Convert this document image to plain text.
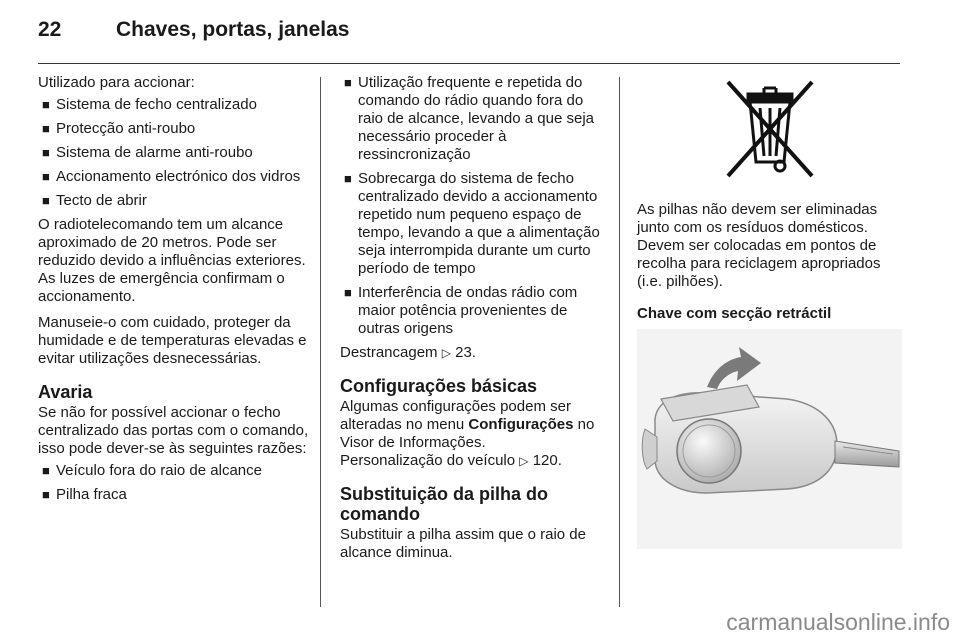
22	Chaves, portas, janelas

Utilizado para accionar:

■ Sistema de fecho centralizado
■ Protecção anti-roubo
■ Sistema de alarme anti-roubo
■ Accionamento electrónico dos vidros
■ Tecto de abrir

O radiotelecomando tem um alcance aproximado de 20 metros. Pode ser reduzido devido a influências exteriores. As luzes de emergência confirmam o accionamento.

Manuseie-o com cuidado, proteger da humidade e de temperaturas elevadas e evitar utilizações desnecessárias.

Avaria

Se não for possível accionar o fecho centralizado das portas com o comando, isso pode dever-se às seguintes razões:

■ Veículo fora do raio de alcance
■ Pilha fraca
■ Utilização frequente e repetida do comando do rádio quando fora do raio de alcance, levando a que seja necessário proceder à ressincronização
■ Sobrecarga do sistema de fecho centralizado devido a accionamento repetido num pequeno espaço de tempo, levando a que a alimentação seja interrompida durante um curto período de tempo
■ Interferência de ondas rádio com maior potência provenientes de outras origens

Destrancagem ▷ 23.

Configurações básicas

Algumas configurações podem ser alteradas no menu Configurações no Visor de Informações.

Personalização do veículo ▷ 120.

Substituição da pilha do comando

Substituir a pilha assim que o raio de alcance diminua.

As pilhas não devem ser eliminadas junto com os resíduos domésticos. Devem ser colocadas em pontos de recolha para reciclagem apropriados (i.e. pilhões).

Chave com secção retráctil
carmanualsonline.info
